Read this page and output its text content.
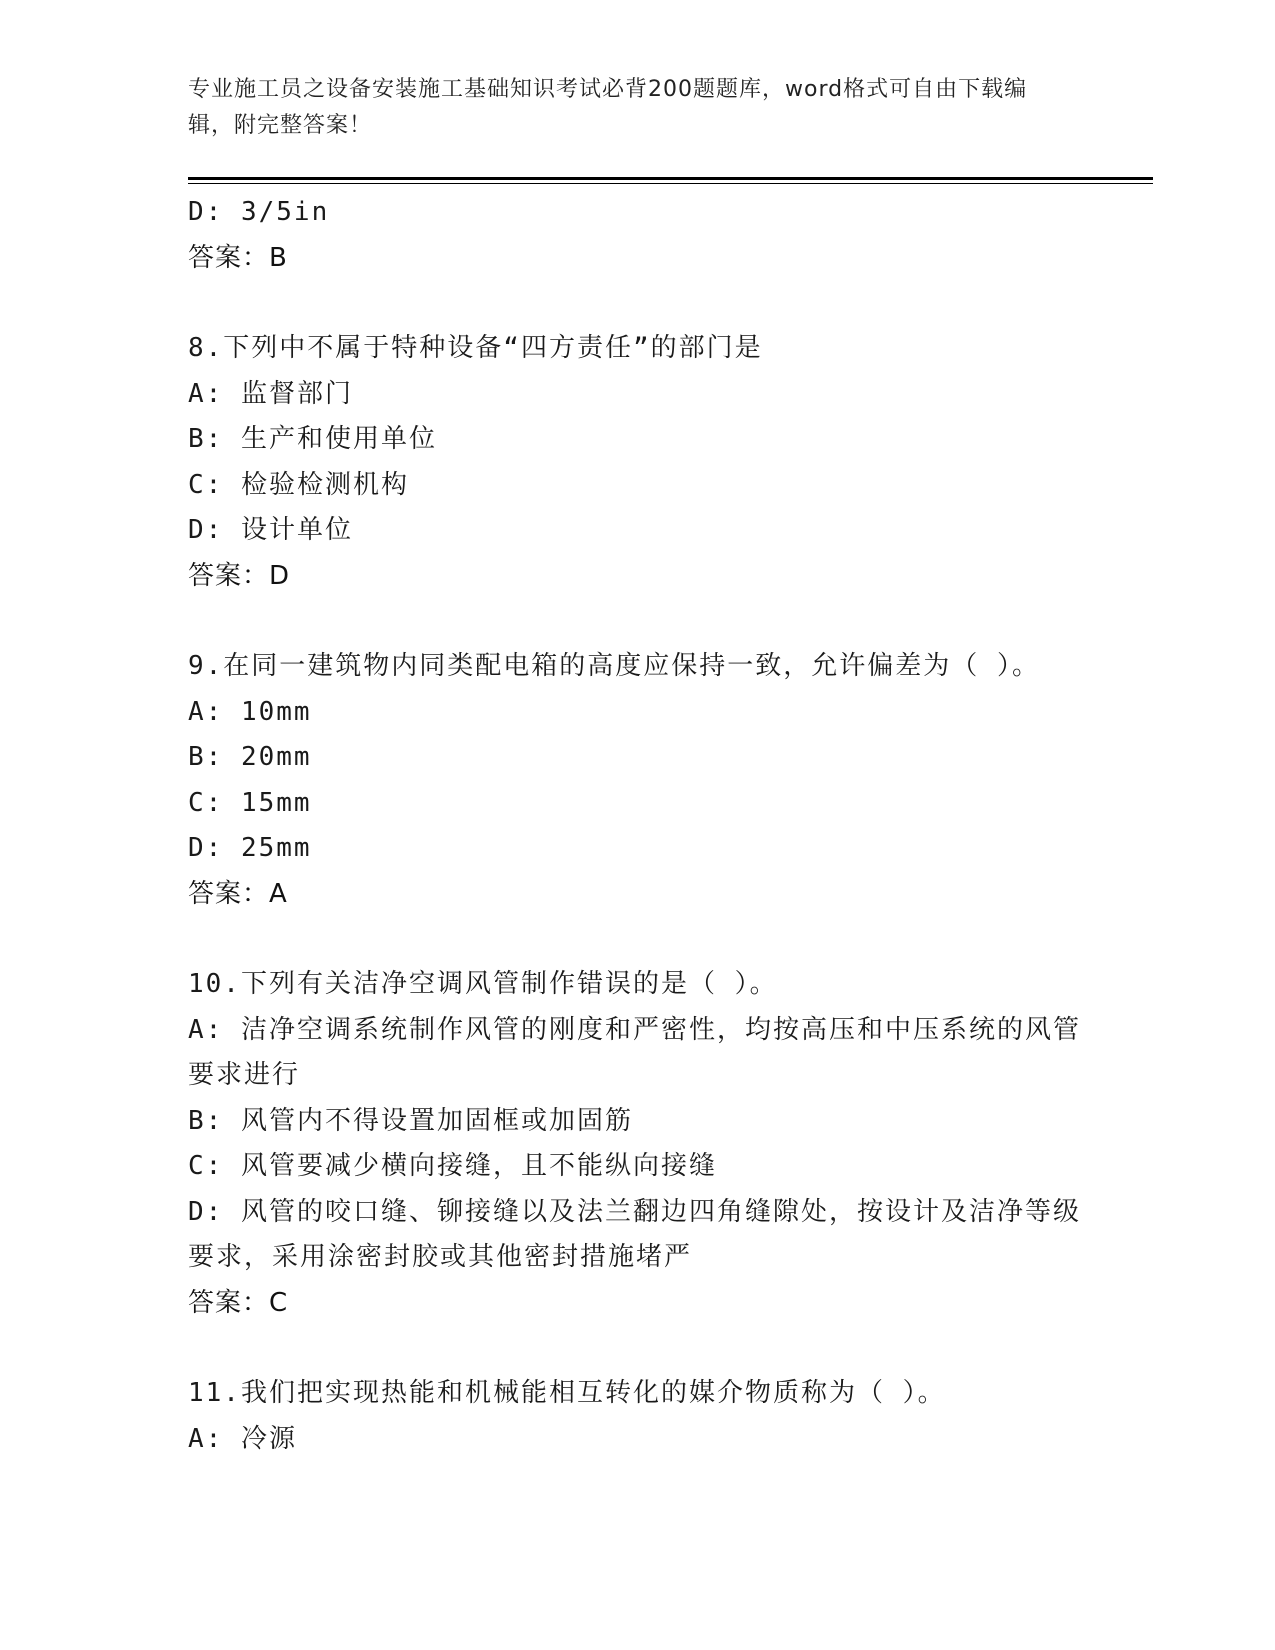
专业施工员之设备安装施工基础知识考试必背200题题库，word格式可自由下载编辑，附完整答案！
D: 3/5in
答案：B
8.下列中不属于特种设备“四方责任”的部门是
A: 监督部门
B: 生产和使用单位
C: 检验检测机构
D: 设计单位
答案：D
9.在同一建筑物内同类配电箱的高度应保持一致，允许偏差为（ ）。
A: 10mm
B: 20mm
C: 15mm
D: 25mm
答案：A
10.下列有关洁净空调风管制作错误的是（ ）。
A: 洁净空调系统制作风管的刚度和严密性，均按高压和中压系统的风管要求进行
B: 风管内不得设置加固框或加固筋
C: 风管要减少横向接缝，且不能纵向接缝
D: 风管的咬口缝、铆接缝以及法兰翻边四角缝隙处，按设计及洁净等级要求，采用涂密封胶或其他密封措施堵严
答案：C
11.我们把实现热能和机械能相互转化的媒介物质称为（ ）。
A: 冷源
